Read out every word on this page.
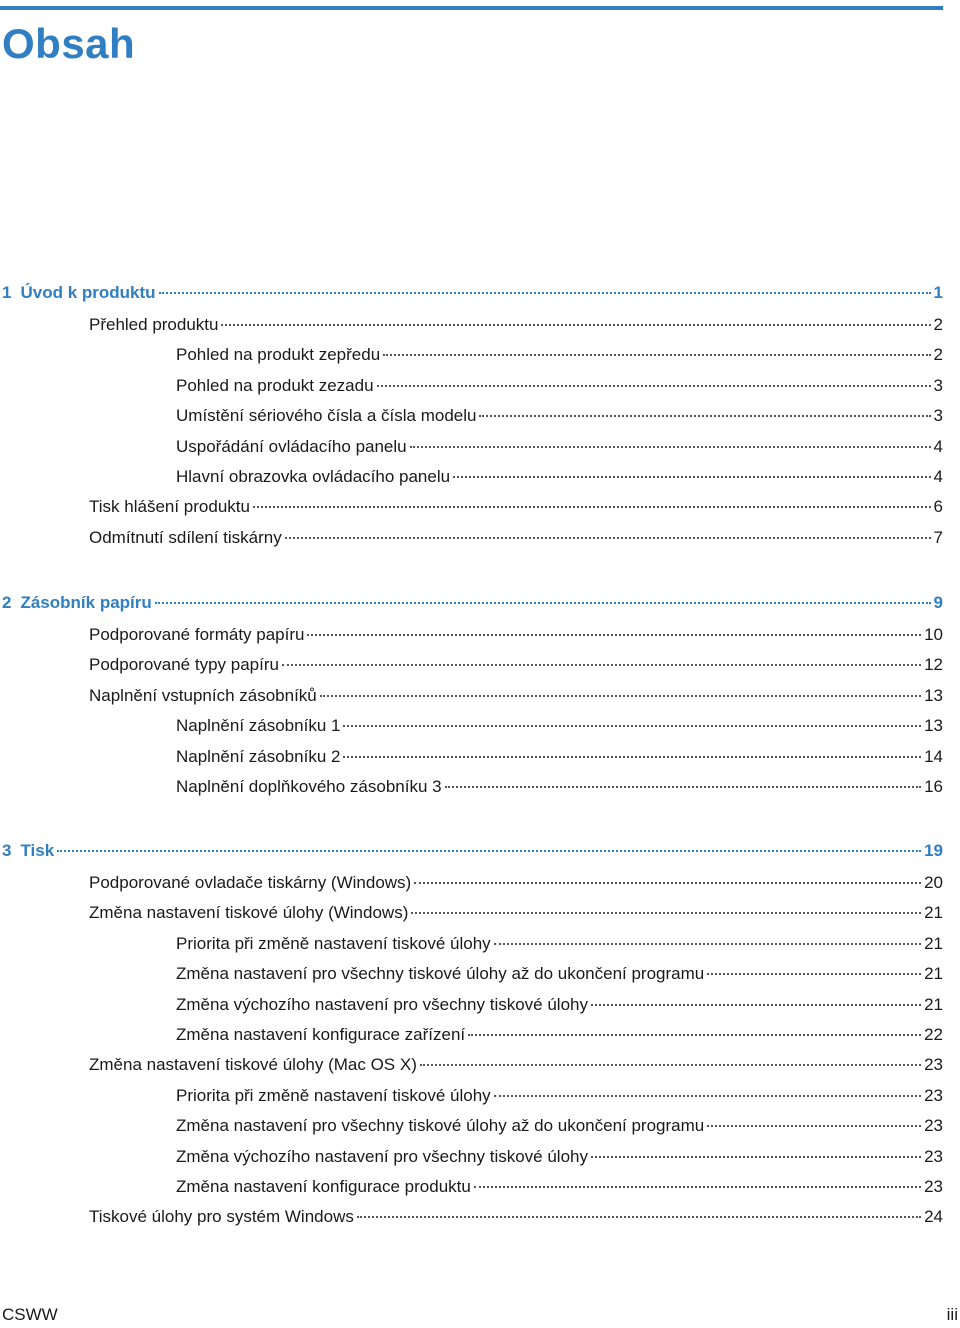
Obsah
1 Úvod k produktu	1
Přehled produktu	2
Pohled na produkt zepředu	2
Pohled na produkt zezadu	3
Umístění sériového čísla a čísla modelu	3
Uspořádání ovládacího panelu	4
Hlavní obrazovka ovládacího panelu	4
Tisk hlášení produktu	6
Odmítnutí sdílení tiskárny	7
2 Zásobník papíru	9
Podporované formáty papíru	10
Podporované typy papíru	12
Naplnění vstupních zásobníků	13
Naplnění zásobníku 1	13
Naplnění zásobníku 2	14
Naplnění doplňkového zásobníku 3	16
3 Tisk	19
Podporované ovladače tiskárny (Windows)	20
Změna nastavení tiskové úlohy (Windows)	21
Priorita při změně nastavení tiskové úlohy	21
Změna nastavení pro všechny tiskové úlohy až do ukončení programu	21
Změna výchozího nastavení pro všechny tiskové úlohy	21
Změna nastavení konfigurace zařízení	22
Změna nastavení tiskové úlohy (Mac OS X)	23
Priorita při změně nastavení tiskové úlohy	23
Změna nastavení pro všechny tiskové úlohy až do ukončení programu	23
Změna výchozího nastavení pro všechny tiskové úlohy	23
Změna nastavení konfigurace produktu	23
Tiskové úlohy pro systém Windows	24
CSWW	iii
